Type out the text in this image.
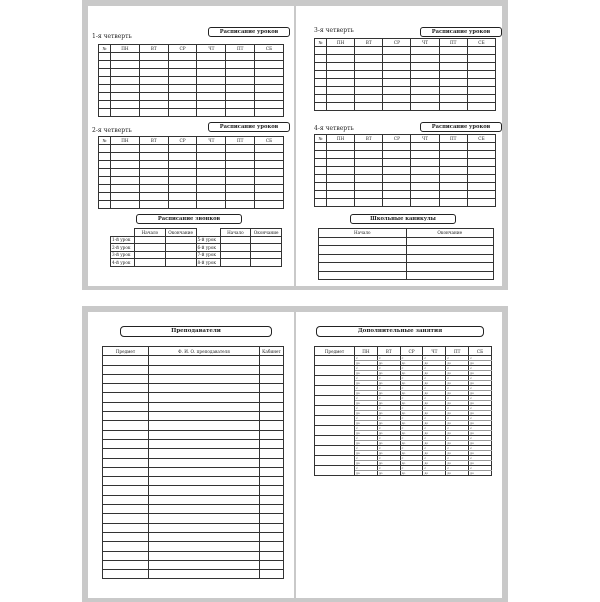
1-я четверть
Расписание уроков
№	ПН	ВТ	СР	ЧТ	ПТ	СБ

2-я четверть	Расписание уроков
№	ПН	ВТ	СР	ЧТ	ПТ	СБ

Расписание звонков
	Начало	Окончание		Начало	Окончание
1-й урок			5-й урок		
2-й урок			6-й урок		
3-й урок			7-й урок		
4-й урок			8-й урок		
3-я четверть	Расписание уроков
№	ПН	ВТ	СР	ЧТ	ПТ	СБ

4-я четверть	Расписание уроков
№	ПН	ВТ	СР	ЧТ	ПТ	СБ

Школьные каникулы
Начало	Окончание

Преподаватели
Предмет	Ф. И. О. преподавателя	Кабинет

Дополнительные занятия
Предмет	ПН	ВТ	СР	ЧТ	ПТ	СБ
	с	с	с	с	с	с
	до	до	до	до	до	до
	с	с	с	с	с	с
	до	до	до	до	до	до
	с	с	с	с	с	с
	до	до	до	до	до	до
	с	с	с	с	с	с
	до	до	до	до	до	до
	с	с	с	с	с	с
	до	до	до	до	до	до
	с	с	с	с	с	с
	до	до	до	до	до	до
	с	с	с	с	с	с
	до	до	до	до	до	до
	с	с	с	с	с	с
	до	до	до	до	до	до
	с	с	с	с	с	с
	до	до	до	до	до	до
	с	с	с	с	с	с
	до	до	до	до	до	до
	с	с	с	с	с	с
	до	до	до	до	до	до
	с	с	с	с	с	с
	до	до	до	до	до	до
